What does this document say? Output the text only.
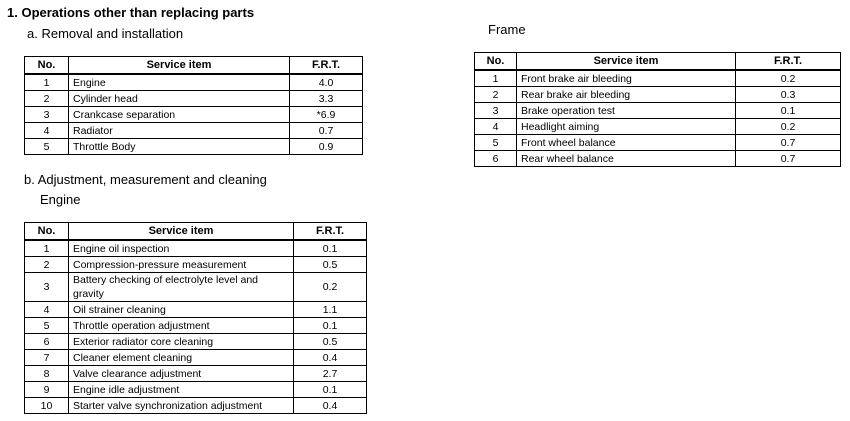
1. Operations other than replacing parts
a. Removal and installation	Frame
b. Adjustment, measurement and cleaning
Engine
No.	Service item	F.R.T.
1	Engine	4.0
2	Cylinder head	3.3
3	Crankcase separation	*6.9
4	Radiator	0.7
5	Throttle Body	0.9
No.	Service item	F.R.T.
1	Front brake air bleeding	0.2
2	Rear brake air bleeding	0.3
3	Brake operation test	0.1
4	Headlight aiming	0.2
5	Front wheel balance	0.7
6	Rear wheel balance	0.7
No.	Service item	F.R.T.
1	Engine oil inspection	0.1
2	Compression-pressure measurement	0.5
3	Battery checking of electrolyte level and gravity	0.2
4	Oil strainer cleaning	1.1
5	Throttle operation adjustment	0.1
6	Exterior radiator core cleaning	0.5
7	Cleaner element cleaning	0.4
8	Valve clearance adjustment	2.7
9	Engine idle adjustment	0.1
10	Starter valve synchronization adjustment	0.4
